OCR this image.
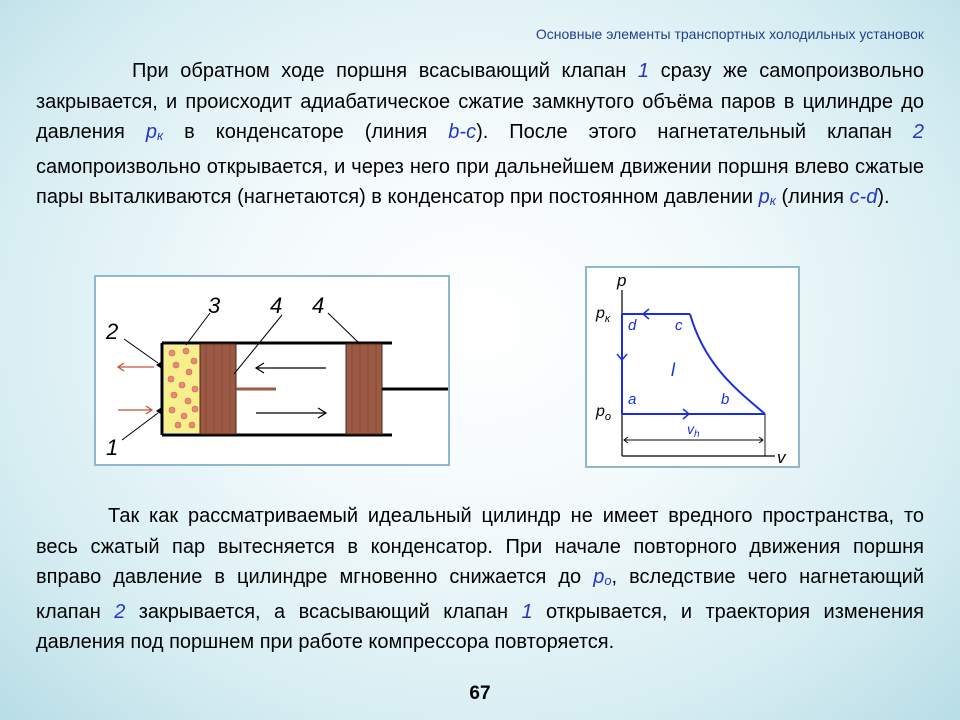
Основные элементы транспортных холодильных установок
При обратном ходе поршня всасывающий клапан 1 сразу же самопроизвольно закрывается, и происходит адиабатическое сжатие замкнутого объёма паров в цилиндре до давления pк в конденсаторе (линия b-c). После этого нагнетательный клапан 2 самопроизвольно открывается, и через него при дальнейшем движении поршня влево сжатые пары выталкиваются (нагнетаются) в конденсатор при постоянном давлении pк (линия c-d).
3 4 4
2
1
p
v
$p_к$
$p_о$
d	c
a	b
l
$v_h$
Так как рассматриваемый идеальный цилиндр не имеет вредного пространства, то весь сжатый пар вытесняется в конденсатор. При начале повторного движения поршня вправо давление в цилиндре мгновенно снижается до pо, вследствие чего нагнетающий клапан 2 закрывается, а всасывающий клапан 1 открывается, и траектория изменения давления под поршнем при работе компрессора повторяется.
67
